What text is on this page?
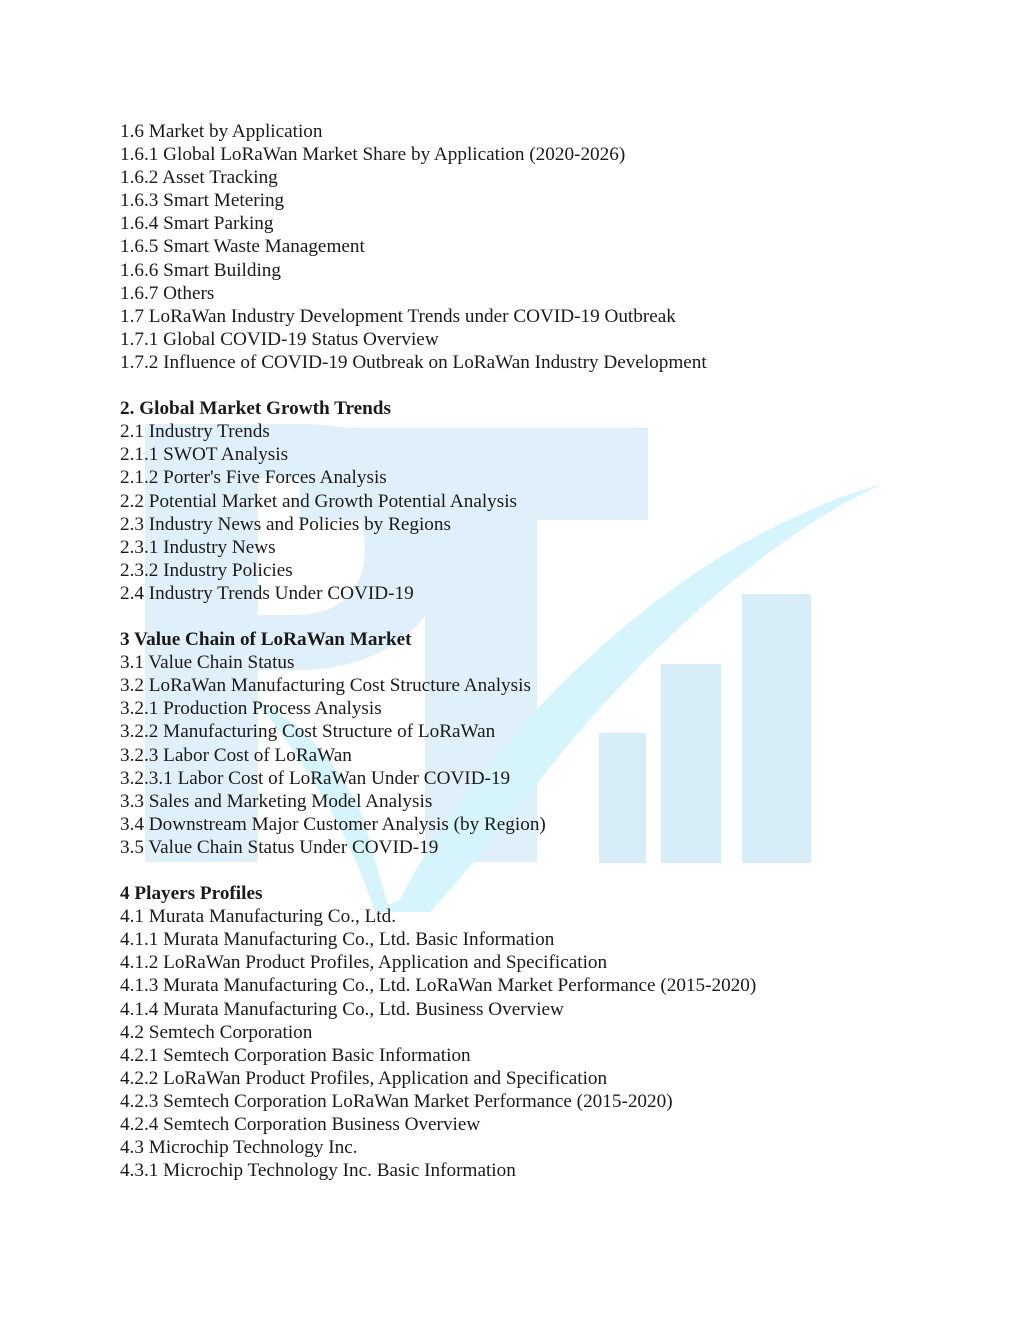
1.6 Market by Application
1.6.1 Global LoRaWan Market Share by Application (2020-2026)
1.6.2 Asset Tracking
1.6.3 Smart Metering
1.6.4 Smart Parking
1.6.5 Smart Waste Management
1.6.6 Smart Building
1.6.7 Others
1.7 LoRaWan Industry Development Trends under COVID-19 Outbreak
1.7.1 Global COVID-19 Status Overview
1.7.2 Influence of COVID-19 Outbreak on LoRaWan Industry Development
2. Global Market Growth Trends
2.1 Industry Trends
2.1.1 SWOT Analysis
2.1.2 Porter's Five Forces Analysis
2.2 Potential Market and Growth Potential Analysis
2.3 Industry News and Policies by Regions
2.3.1 Industry News
2.3.2 Industry Policies
2.4 Industry Trends Under COVID-19
3 Value Chain of LoRaWan Market
3.1 Value Chain Status
3.2 LoRaWan Manufacturing Cost Structure Analysis
3.2.1 Production Process Analysis
3.2.2 Manufacturing Cost Structure of LoRaWan
3.2.3 Labor Cost of LoRaWan
3.2.3.1 Labor Cost of LoRaWan Under COVID-19
3.3 Sales and Marketing Model Analysis
3.4 Downstream Major Customer Analysis (by Region)
3.5 Value Chain Status Under COVID-19
4 Players Profiles
4.1 Murata Manufacturing Co., Ltd.
4.1.1 Murata Manufacturing Co., Ltd. Basic Information
4.1.2 LoRaWan Product Profiles, Application and Specification
4.1.3 Murata Manufacturing Co., Ltd. LoRaWan Market Performance (2015-2020)
4.1.4 Murata Manufacturing Co., Ltd. Business Overview
4.2 Semtech Corporation
4.2.1 Semtech Corporation Basic Information
4.2.2 LoRaWan Product Profiles, Application and Specification
4.2.3 Semtech Corporation LoRaWan Market Performance (2015-2020)
4.2.4 Semtech Corporation Business Overview
4.3 Microchip Technology Inc.
4.3.1 Microchip Technology Inc. Basic Information
